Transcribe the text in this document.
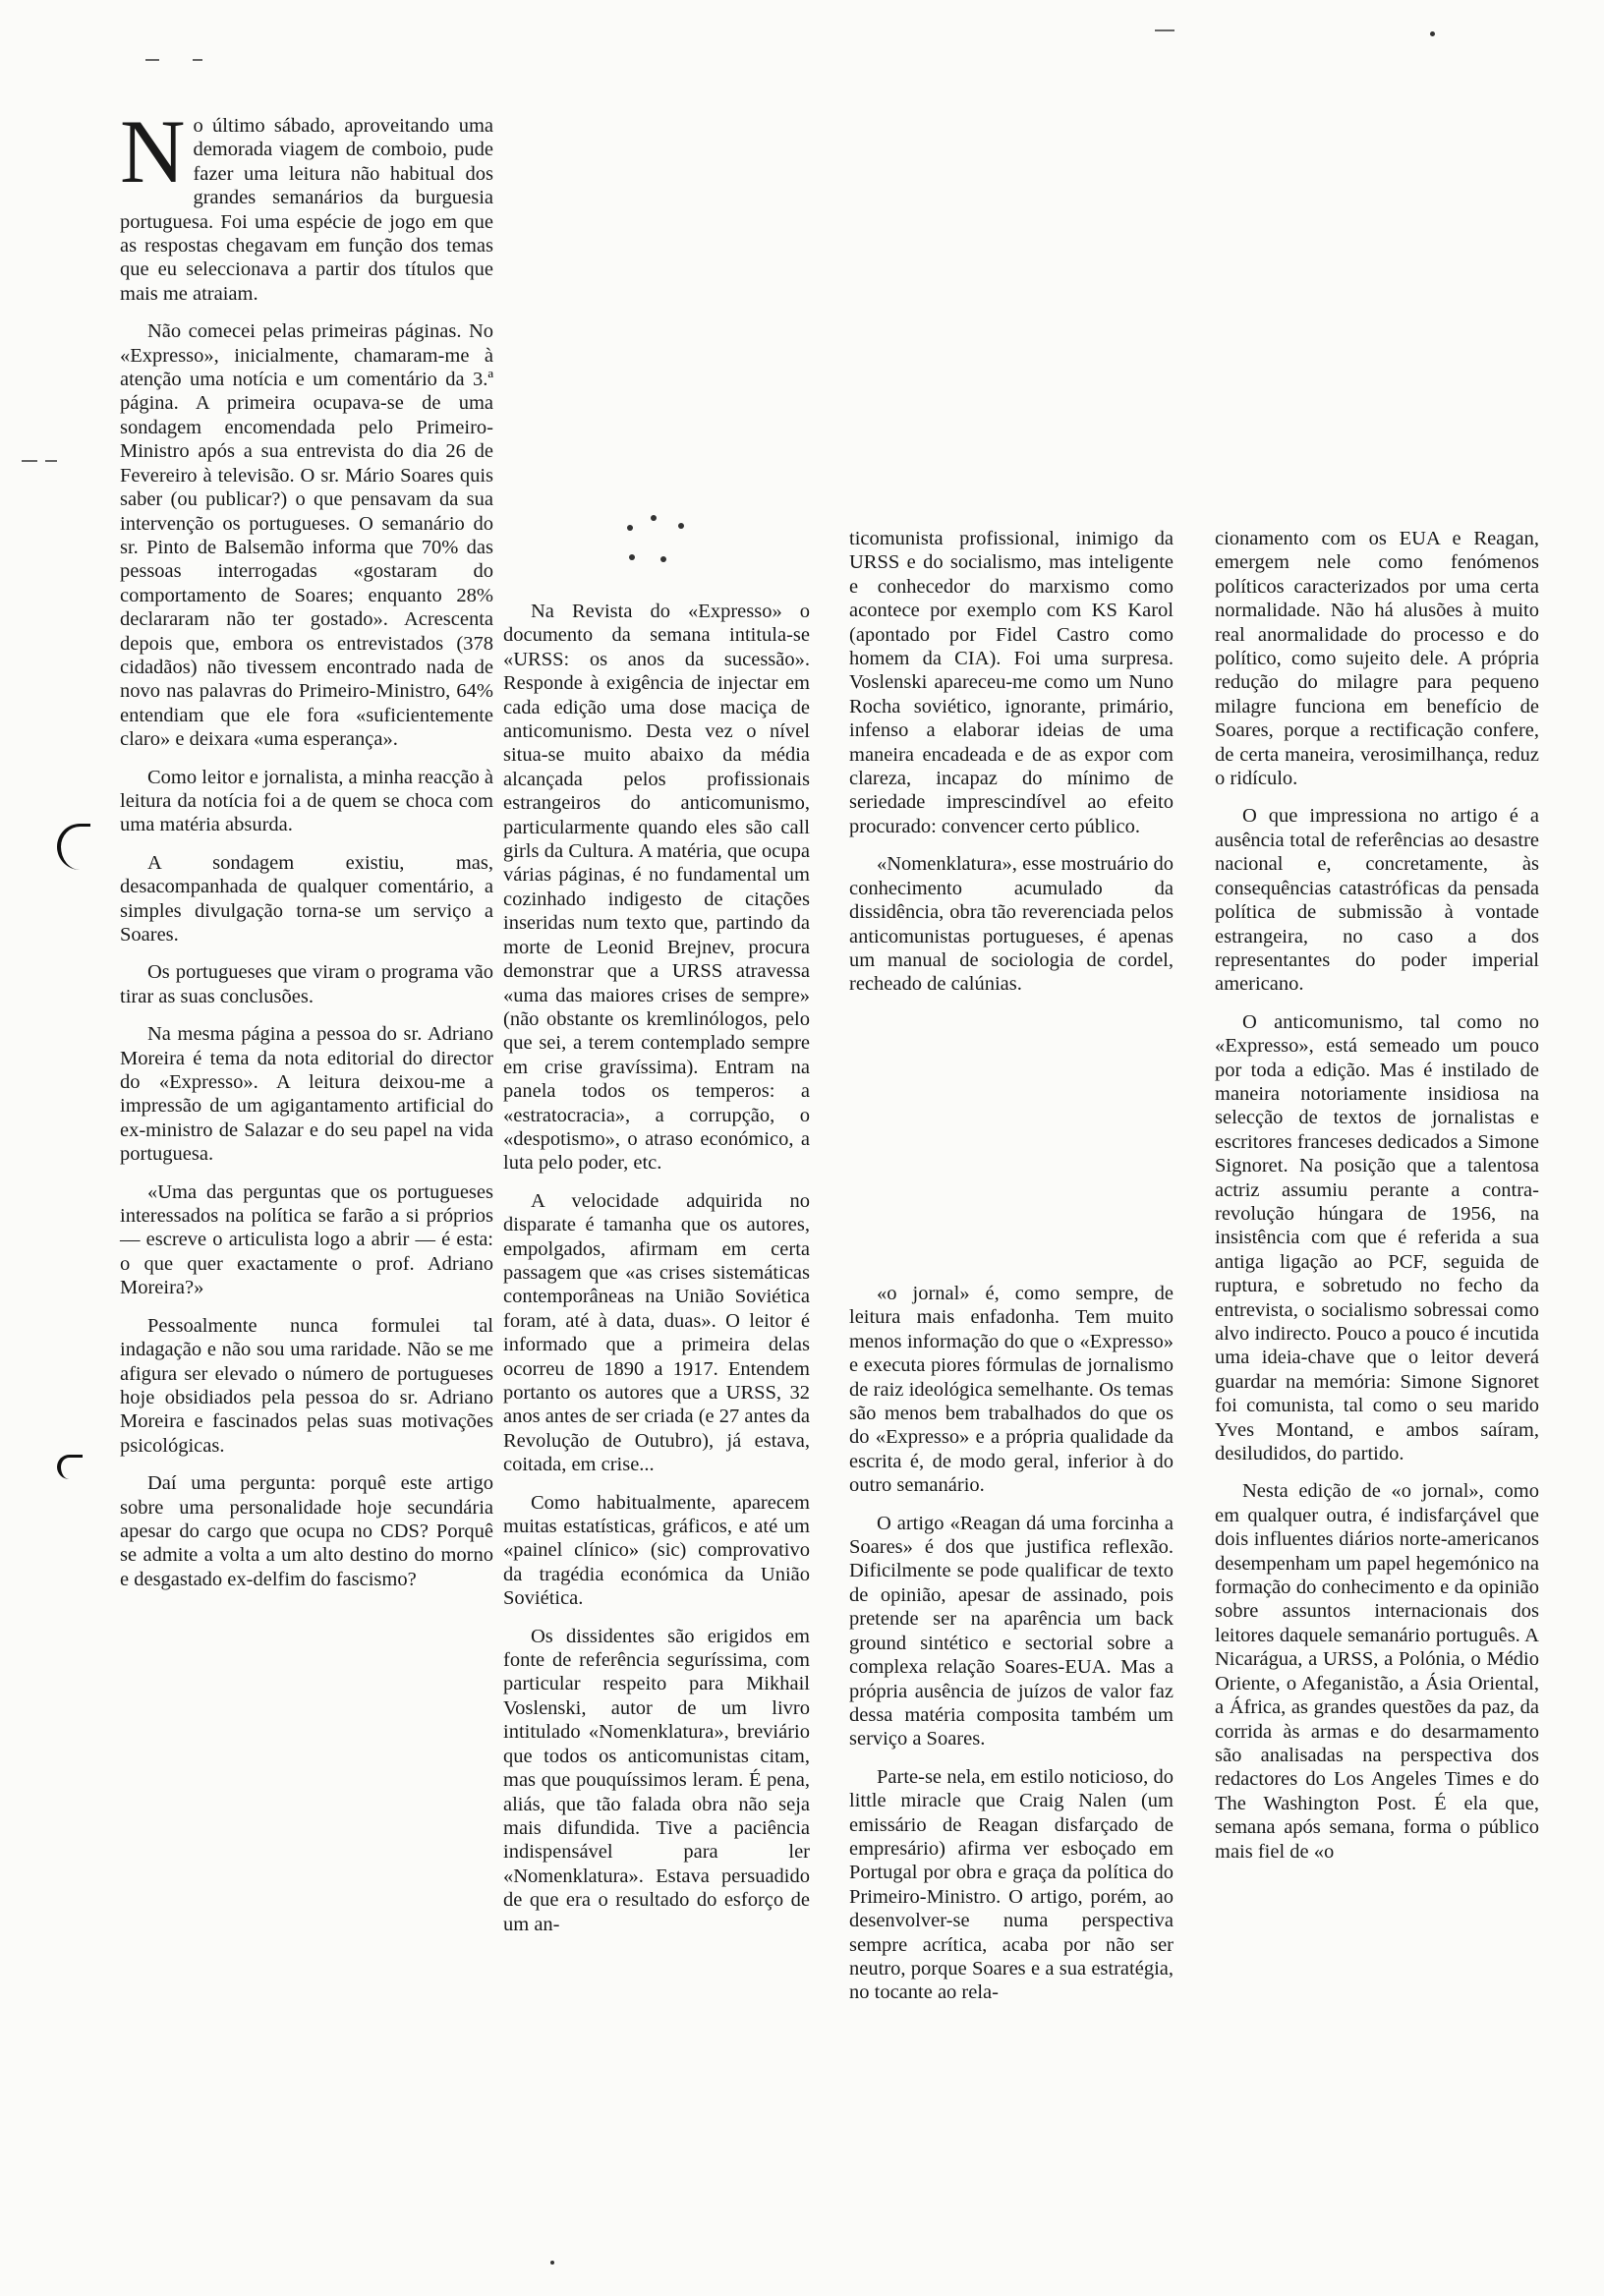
No último sábado, aproveitando uma demorada viagem de comboio, pude fazer uma leitura não habitual dos grandes semanários da burguesia portuguesa. Foi uma espécie de jogo em que as respostas chegavam em função dos temas que eu seleccionava a partir dos títulos que mais me atraiam.

Não comecei pelas primeiras páginas. No «Expresso», inicialmente, chamaram-me à atenção uma notícia e um comentário da 3.ª página. A primeira ocupava-se de uma sondagem encomendada pelo Primeiro-Ministro após a sua entrevista do dia 26 de Fevereiro à televisão. O sr. Mário Soares quis saber (ou publicar?) o que pensavam da sua intervenção os portugueses. O semanário do sr. Pinto de Balsemão informa que 70% das pessoas interrogadas «gostaram do comportamento de Soares; enquanto 28% declararam não ter gostado». Acrescenta depois que, embora os entrevistados (378 cidadãos) não tivessem encontrado nada de novo nas palavras do Primeiro-Ministro, 64% entendiam que ele fora «suficientemente claro» e deixara «uma esperança».

Como leitor e jornalista, a minha reacção à leitura da notícia foi a de quem se choca com uma matéria absurda.

A sondagem existiu, mas, desacompanhada de qualquer comentário, a simples divulgação torna-se um serviço a Soares.

Os portugueses que viram o programa vão tirar as suas conclusões.

Na mesma página a pessoa do sr. Adriano Moreira é tema da nota editorial do director do «Expresso». A leitura deixou-me a impressão de um agigantamento artificial do ex-ministro de Salazar e do seu papel na vida portuguesa.

«Uma das perguntas que os portugueses interessados na política se farão a si próprios — escreve o articulista logo a abrir — é esta: o que quer exactamente o prof. Adriano Moreira?»

Pessoalmente nunca formulei tal indagação e não sou uma raridade. Não se me afigura ser elevado o número de portugueses hoje obsidiados pela pessoa do sr. Adriano Moreira e fascinados pelas suas motivações psicológicas.

Daí uma pergunta: porquê este artigo sobre uma personalidade hoje secundária apesar do cargo que ocupa no CDS? Porquê se admite a volta a um alto destino do morno e desgastado ex-delfim do fascismo?

Na Revista do «Expresso» o documento da semana intitula-se «URSS: os anos da sucessão». Responde à exigência de injectar em cada edição uma dose maciça de anticomunismo. Desta vez o nível situa-se muito abaixo da média alcançada pelos profissionais estrangeiros do anticomunismo, particularmente quando eles são call girls da Cultura. A matéria, que ocupa várias páginas, é no fundamental um cozinhado indigesto de citações inseridas num texto que, partindo da morte de Leonid Brejnev, procura demonstrar que a URSS atravessa «uma das maiores crises de sempre» (não obstante os kremlinólogos, pelo que sei, a terem contemplado sempre em crise gravíssima). Entram na panela todos os temperos: a «estratocracia», a corrupção, o «despotismo», o atraso económico, a luta pelo poder, etc.

A velocidade adquirida no disparate é tamanha que os autores, empolgados, afirmam em certa passagem que «as crises sistemáticas contemporâneas na União Soviética foram, até à data, duas». O leitor é informado que a primeira delas ocorreu de 1890 a 1917. Entendem portanto os autores que a URSS, 32 anos antes de ser criada (e 27 antes da Revolução de Outubro), já estava, coitada, em crise...

Como habitualmente, aparecem muitas estatísticas, gráficos, e até um «painel clínico» (sic) comprovativo da tragédia económica da União Soviética.

Os dissidentes são erigidos em fonte de referência seguríssima, com particular respeito para Mikhail Voslenski, autor de um livro intitulado «Nomenklatura», breviário que todos os anticomunistas citam, mas que pouquíssimos leram. É pena, aliás, que tão falada obra não seja mais difundida. Tive a paciência indispensável para ler «Nomenklatura». Estava persuadido de que era o resultado do esforço de um an-

ticomunista profissional, inimigo da URSS e do socialismo, mas inteligente e conhecedor do marxismo como acontece por exemplo com KS Karol (apontado por Fidel Castro como homem da CIA). Foi uma surpresa. Voslenski apareceu-me como um Nuno Rocha soviético, ignorante, primário, infenso a elaborar ideias de uma maneira encadeada e de as expor com clareza, incapaz do mínimo de seriedade imprescindível ao efeito procurado: convencer certo público.

«Nomenklatura», esse mostruário do conhecimento acumulado da dissidência, obra tão reverenciada pelos anticomunistas portugueses, é apenas um manual de sociologia de cordel, recheado de calúnias.

«o jornal» é, como sempre, de leitura mais enfadonha. Tem muito menos informação do que o «Expresso» e executa piores fórmulas de jornalismo de raiz ideológica semelhante. Os temas são menos bem trabalhados do que os do «Expresso» e a própria qualidade da escrita é, de modo geral, inferior à do outro semanário.

O artigo «Reagan dá uma forcinha a Soares» é dos que justifica reflexão. Dificilmente se pode qualificar de texto de opinião, apesar de assinado, pois pretende ser na aparência um back ground sintético e sectorial sobre a complexa relação Soares-EUA. Mas a própria ausência de juízos de valor faz dessa matéria composita também um serviço a Soares.

Parte-se nela, em estilo noticioso, do little miracle que Craig Nalen (um emissário de Reagan disfarçado de empresário) afirma ver esboçado em Portugal por obra e graça da política do Primeiro-Ministro. O artigo, porém, ao desenvolver-se numa perspectiva sempre acrítica, acaba por não ser neutro, porque Soares e a sua estratégia, no tocante ao rela-

cionamento com os EUA e Reagan, emergem nele como fenómenos políticos caracterizados por uma certa normalidade. Não há alusões à muito real anormalidade do processo e do político, como sujeito dele. A própria redução do milagre para pequeno milagre funciona em benefício de Soares, porque a rectificação confere, de certa maneira, verosimilhança, reduz o ridículo.

O que impressiona no artigo é a ausência total de referências ao desastre nacional e, concretamente, às consequências catastróficas da pensada política de submissão à vontade estrangeira, no caso a dos representantes do poder imperial americano.

O anticomunismo, tal como no «Expresso», está semeado um pouco por toda a edição. Mas é instilado de maneira notoriamente insidiosa na selecção de textos de jornalistas e escritores franceses dedicados a Simone Signoret. Na posição que a talentosa actriz assumiu perante a contra-revolução húngara de 1956, na insistência com que é referida a sua antiga ligação ao PCF, seguida de ruptura, e sobretudo no fecho da entrevista, o socialismo sobressai como alvo indirecto. Pouco a pouco é incutida uma ideia-chave que o leitor deverá guardar na memória: Simone Signoret foi comunista, tal como o seu marido Yves Montand, e ambos saíram, desiludidos, do partido.

Nesta edição de «o jornal», como em qualquer outra, é indisfarçável que dois influentes diários norte-americanos desempenham um papel hegemónico na formação do conhecimento e da opinião sobre assuntos internacionais dos leitores daquele semanário português. A Nicarágua, a URSS, a Polónia, o Médio Oriente, o Afeganistão, a Ásia Oriental, a África, as grandes questões da paz, da corrida às armas e do desarmamento são analisadas na perspectiva dos redactores do Los Angeles Times e do The Washington Post. É ela que, semana após semana, forma o público mais fiel de «o
